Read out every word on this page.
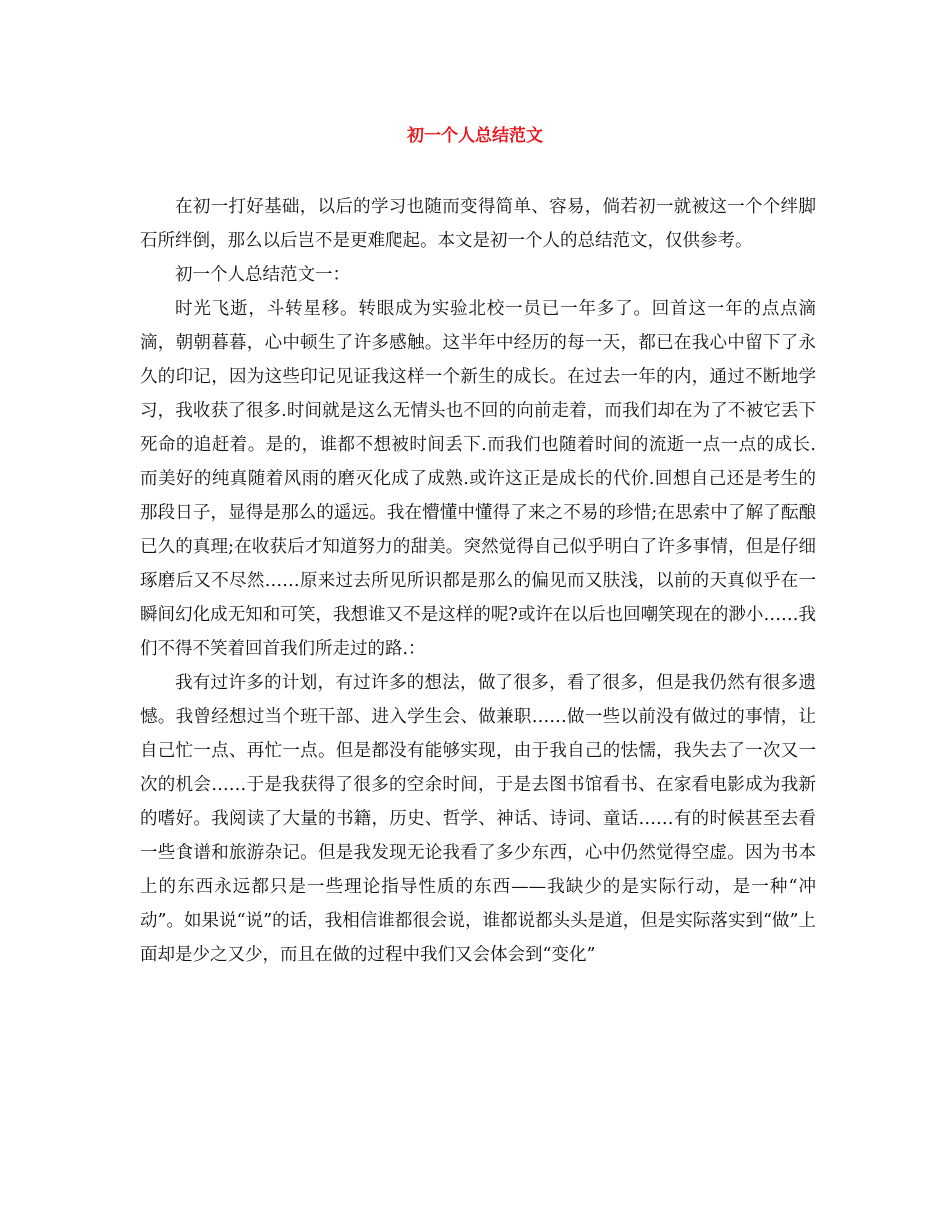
初一个人总结范文

在初一打好基础，以后的学习也随而变得简单、容易，倘若初一就被这一个个绊脚石所绊倒，那么以后岂不是更难爬起。本文是初一个人的总结范文，仅供参考。

初一个人总结范文一：

时光飞逝，斗转星移。转眼成为实验北校一员已一年多了。回首这一年的点点滴滴，朝朝暮暮，心中顿生了许多感触。这半年中经历的每一天，都已在我心中留下了永久的印记，因为这些印记见证我这样一个新生的成长。在过去一年的内，通过不断地学习，我收获了很多.时间就是这么无情头也不回的向前走着，而我们却在为了不被它丢下死命的追赶着。是的，谁都不想被时间丢下.而我们也随着时间的流逝一点一点的成长.而美好的纯真随着风雨的磨灭化成了成熟.或许这正是成长的代价.回想自己还是考生的那段日子，显得是那么的遥远。我在懵懂中懂得了来之不易的珍惜;在思索中了解了酝酿已久的真理;在收获后才知道努力的甜美。突然觉得自己似乎明白了许多事情，但是仔细琢磨后又不尽然……原来过去所见所识都是那么的偏见而又肤浅，以前的天真似乎在一瞬间幻化成无知和可笑，我想谁又不是这样的呢?或许在以后也回嘲笑现在的渺小……我们不得不笑着回首我们所走过的路.：

我有过许多的计划，有过许多的想法，做了很多，看了很多，但是我仍然有很多遗憾。我曾经想过当个班干部、进入学生会、做兼职……做一些以前没有做过的事情，让自己忙一点、再忙一点。但是都没有能够实现，由于我自己的怯懦，我失去了一次又一次的机会……于是我获得了很多的空余时间，于是去图书馆看书、在家看电影成为我新的嗜好。我阅读了大量的书籍，历史、哲学、神话、诗词、童话……有的时候甚至去看一些食谱和旅游杂记。但是我发现无论我看了多少东西，心中仍然觉得空虚。因为书本上的东西永远都只是一些理论指导性质的东西——我缺少的是实际行动，是一种“冲动”。如果说“说”的话，我相信谁都很会说，谁都说都头头是道，但是实际落实到“做”上面却是少之又少，而且在做的过程中我们又会体会到“变化”
